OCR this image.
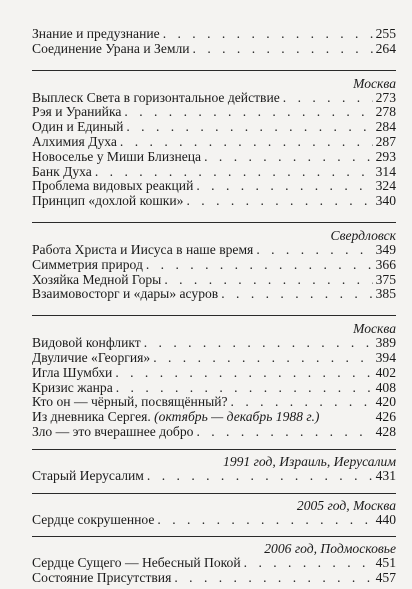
Знание и предузнание . . .	255
Соединение Урана и Земли . . .	264
Москва
Выплеск Света в горизонтальное действие . . .	273
Рэя и Уранийка . . .	278
Один и Единый . . .	284
Алхимия Духа . . .	287
Новоселье у Миши Близнеца . . .	293
Банк Духа . . .	314
Проблема видовых реакций . . .	324
Принцип «дохлой кошки» . . .	340
Свердловск
Работа Христа и Иисуса в наше время . . .	349
Симметрия природ . . .	366
Хозяйка Медной Горы . . .	375
Взаимовосторг и «дары» асуров . . .	385
Москва
Видовой конфликт . . .	389
Двуличие «Георгия» . . .	394
Игла Шумбхи . . .	402
Кризис жанра . . .	408
Кто он — чёрный, посвящённый? . . .	420
Из дневника Сергея. (октябрь — декабрь 1988 г.)	426
Зло — это вчерашнее добро . . .	428
1991 год, Израиль, Иерусалим
Старый Иерусалим . . .	431
2005 год, Москва
Сердце сокрушенное . . .	440
2006 год, Подмосковье
Сердце Сущего — Небесный Покой . . .	451
Состояние Присутствия . . .	457
